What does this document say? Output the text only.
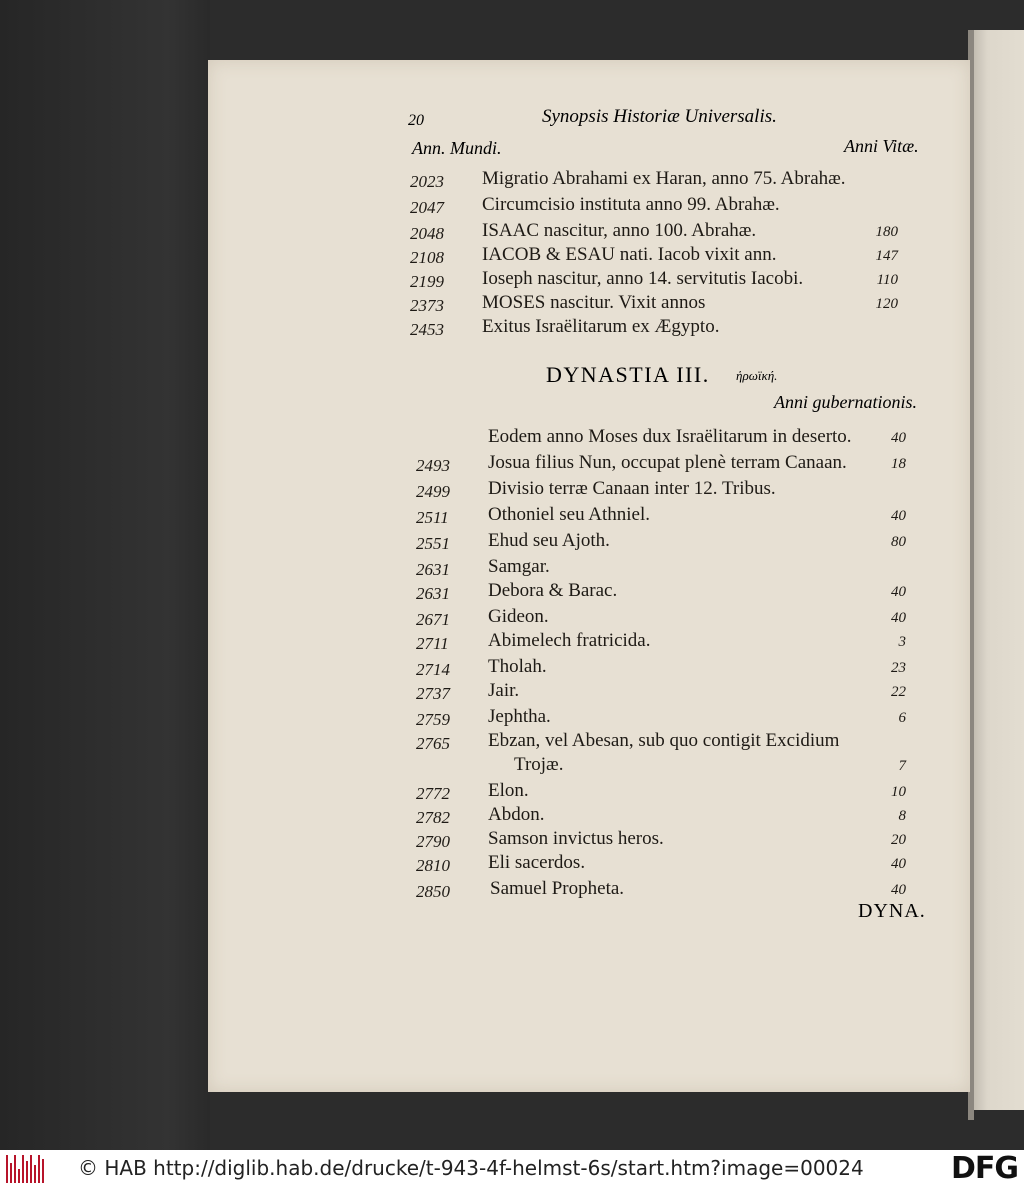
20	Synopsis Historiæ Universalis.
Ann. Mundi.	Anni Vitæ.
DYNASTIA III. ἡρωϊκή.
Anni gubernationis.
2023 Migratio Abrahami ex Haran, anno 75. Abrahæ.
2047 Circumcisio instituta anno 99. Abrahæ.
2048 ISAAC nascitur, anno 100. Abrahæ.	180
2108 IACOB & ESAU nati. Iacob vixit ann.	147
2199 Ioseph nascitur, anno 14. servitutis Iacobi.	110
2373 MOSES nascitur. Vixit annos	120
2453 Exitus Israëlitarum ex Ægypto.
Eodem anno Moses dux Israëlitarum in deserto.	40
2493 Josua filius Nun, occupat plenè terram Canaan.	18
2499 Divisio terræ Canaan inter 12. Tribus.
2511 Othoniel seu Athniel.	40
2551 Ehud seu Ajoth.	80
2631 Samgar.
2631 Debora & Barac.	40
2671 Gideon.	40
2711 Abimelech fratricida.	3
2714 Tholah.	23
2737 Jair.	22
2759 Jephtha.	6
2765 Ebzan, vel Abesan, sub quo contigit Excidium
Trojæ.	7
2772 Elon.	10
2782 Abdon.	8
2790 Samson invictus heros.	20
2810 Eli sacerdos.	40
2850 Samuel Propheta.	40
DYNA.
© HAB http://diglib.hab.de/drucke/t-943-4f-helmst-6s/start.htm?image=00024	DFG
